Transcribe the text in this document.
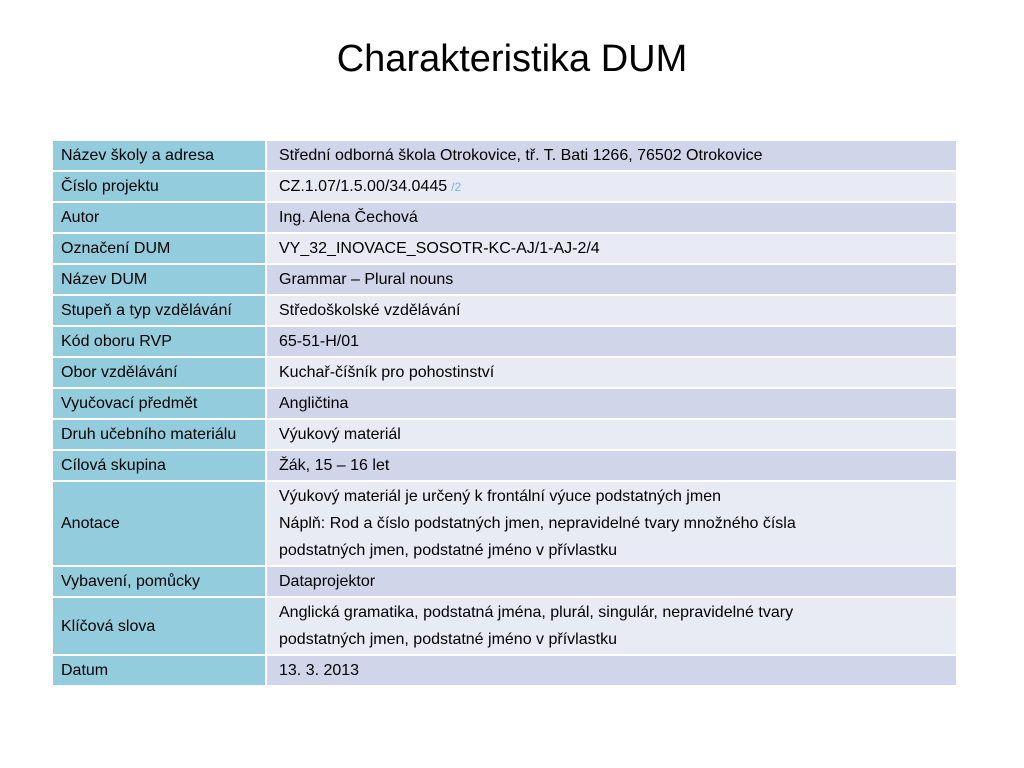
Charakteristika DUM
Název školy a adresa	Střední odborná škola Otrokovice, tř. T. Bati 1266, 76502 Otrokovice
Číslo projektu	CZ.1.07/1.5.00/34.0445 /2
Autor	Ing. Alena Čechová
Označení DUM	VY_32_INOVACE_SOSOTR-KC-AJ/1-AJ-2/4
Název DUM	Grammar – Plural nouns
Stupeň a typ vzdělávání	Středoškolské vzdělávání
Kód oboru RVP	65-51-H/01
Obor vzdělávání	Kuchař-číšník pro pohostinství
Vyučovací předmět	Angličtina
Druh učebního materiálu	Výukový materiál
Cílová skupina	Žák, 15 – 16 let
Anotace	Výukový materiál je určený k frontální výuce podstatných jmen
Náplň: Rod a číslo podstatných jmen, nepravidelné tvary množného čísla
podstatných jmen, podstatné jméno v přívlastku

Vybavení, pomůcky	Dataprojektor
Klíčová slova	Anglická gramatika, podstatná jména, plurál, singulár, nepravidelné tvary
podstatných jmen, podstatné jméno v přívlastku

Datum	13. 3. 2013
